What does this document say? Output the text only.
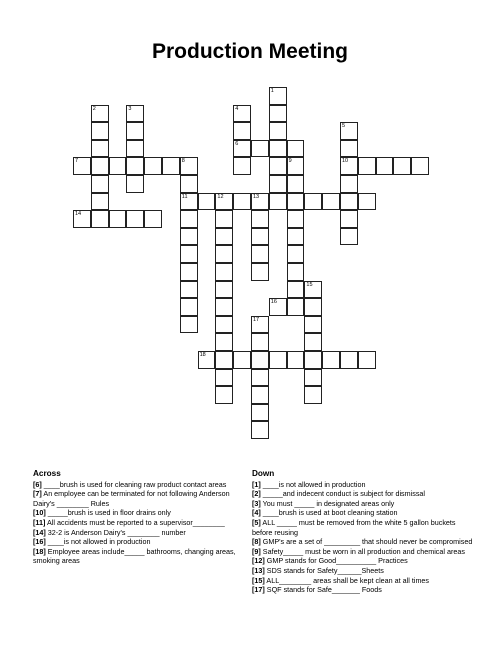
Production Meeting
1
2	3	4
6
5
10
8
11
9
12	13
15
17
7
14
16
18
Across

[6] ____brush is used for cleaning raw product contact areas

[7] An employee can be terminated for not following Anderson Dairy's ________ Rules

[10] _____brush is used in floor drains only

[11] All accidents must be reported to a supervisor________

[14] 32-2 is Anderson Dairy's ________ number

[16] ____is not allowed in production

[18] Employee areas include_____ bathrooms, changing areas, smoking areas

Down

[1] ____is not allowed in production

[2] _____and indecent conduct is subject for dismissal

[3] You must _____ in designated areas only

[4] ____brush is used at boot cleaning station

[5] ALL _____ must be removed from the white 5 gallon buckets before reusing

[8] GMP's are a set of _________ that should never be compromised

[9] Safety_____ must be worn in all production and chemical areas

[12] GMP stands for Good__________ Practices

[13] SDS stands for Safety______Sheets

[15] ALL________ areas shall be kept clean at all times

[17] SQF stands for Safe_______ Foods
